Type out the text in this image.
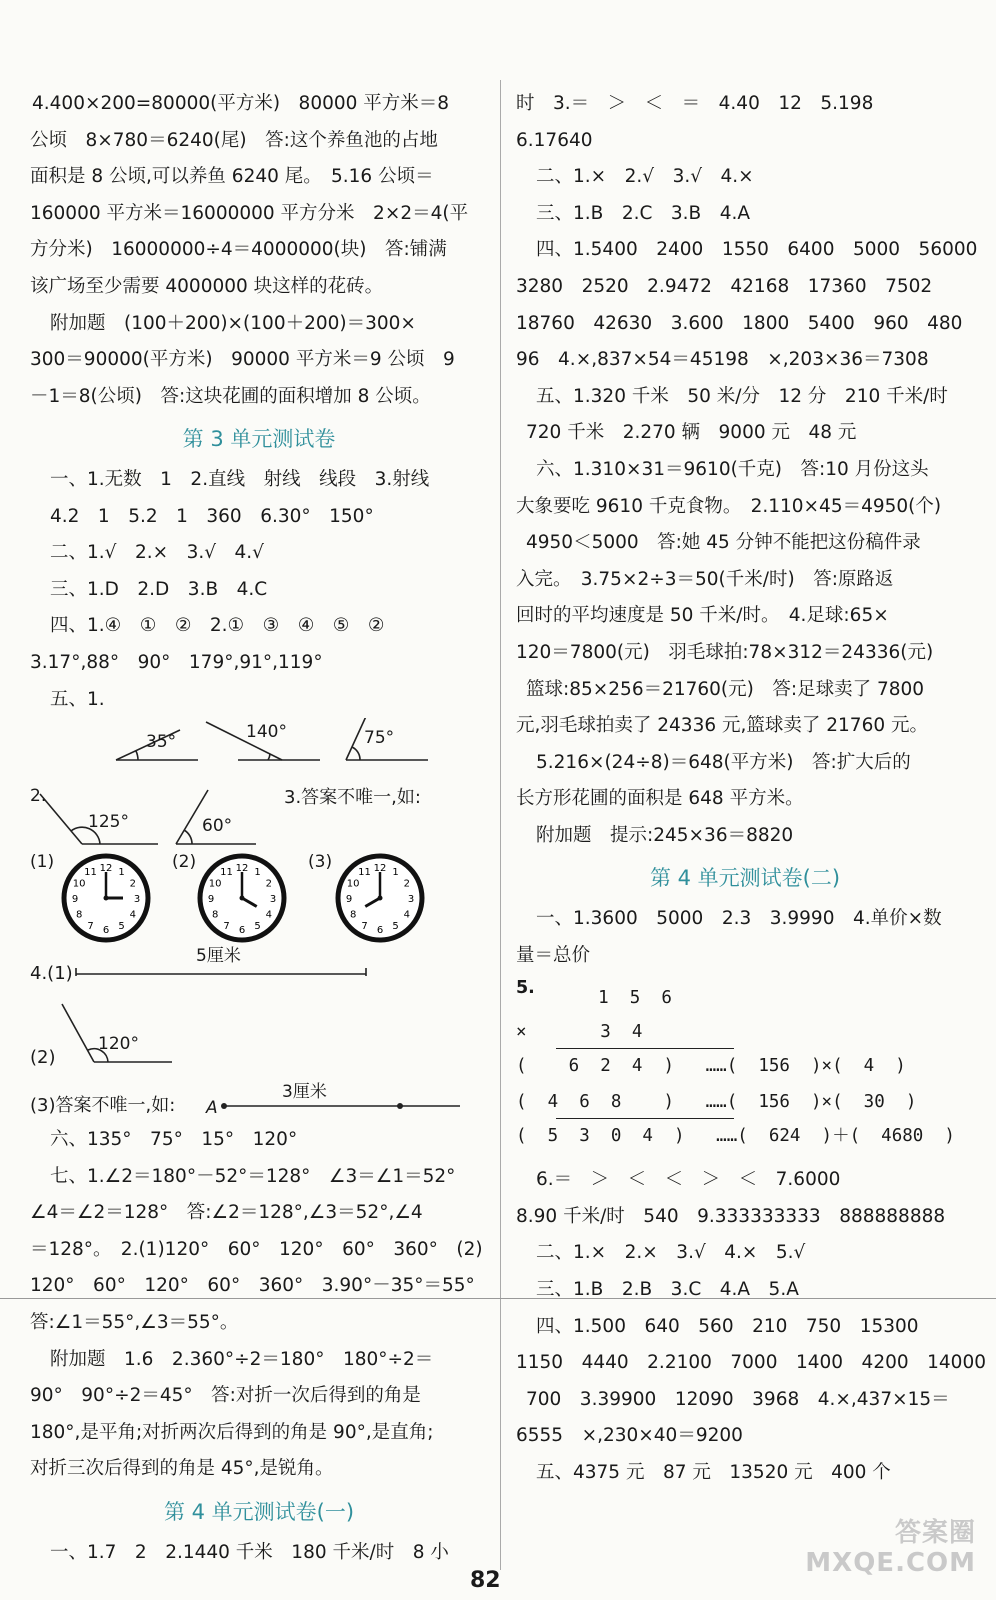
4.400×200=80000(平方米)　80000 平方米＝8

公顷　8×780＝6240(尾)　答:这个养鱼池的占地

面积是 8 公顷,可以养鱼 6240 尾。　5.16 公顷＝

160000 平方米＝16000000 平方分米　2×2＝4(平

方分米)　16000000÷4＝4000000(块)　答:铺满

该广场至少需要 4000000 块这样的花砖。

附加题　(100＋200)×(100＋200)＝300×

300＝90000(平方米)　90000 平方米＝9 公顷　9

－1＝8(公顷)　答:这块花圃的面积增加 8 公顷。

第 3 单元测试卷

一、1.无数　1　2.直线　射线　线段　3.射线

4.2　1　5.2　1　360　6.30°　150°

二、1.√　2.×　3.√　4.√

三、1.D　2.D　3.B　4.C

四、1.④　①　②　2.①　③　④　⑤　②

3.17°,88°　90°　179°,91°,119°

五、1.

35°	140°	75°
2.
125°	60°
3.答案不唯一,如:
1
2
3
4
5
6
7
8
9
10
11 12	1
2
3
4
5
6
7
8
9
10
11 12	1
2
3
4
5
6
7
8
9
10
11 12
(1)	(2)	(3)
4.(1)
5厘米
(2)
120°
(3)答案不唯一,如: A
3厘米

六、135°　75°　15°　120°

七、1.∠2＝180°－52°＝128°　∠3＝∠1＝52°

∠4＝∠2＝128°　答:∠2＝128°,∠3＝52°,∠4

＝128°。　2.(1)120°　60°　120°　60°　360°　(2)

120°　60°　120°　60°　360°　3.90°－35°＝55°

答:∠1＝55°,∠3＝55°。

附加题　1.6　2.360°÷2＝180°　180°÷2＝

90°　90°÷2＝45°　答:对折一次后得到的角是

180°,是平角;对折两次后得到的角是 90°,是直角;

对折三次后得到的角是 45°,是锐角。

第 4 单元测试卷(一)

一、1.7　2　2.1440 千米　180 千米/时　8 小

时　3.＝　＞　＜　＝　4.40　12　5.198

6.17640

二、1.×　2.√　3.√　4.×

三、1.B　2.C　3.B　4.A

四、1.5400　2400　1550　6400　5000　56000

3280　2520　2.9472　42168　17360　7502

18760　42630　3.600　1800　5400　960　480

96　4.×,837×54＝45198　×,203×36＝7308

五、1.320 千米　50 米/分　12 分　210 千米/时

720 千米　2.270 辆　9000 元　48 元

六、1.310×31＝9610(千克)　答:10 月份这头

大象要吃 9610 千克食物。　2.110×45＝4950(个)

4950＜5000　答:她 45 分钟不能把这份稿件录

入完。　3.75×2÷3＝50(千米/时)　答:原路返

回时的平均速度是 50 千米/时。　4.足球:65×

120＝7800(元)　羽毛球拍:78×312＝24336(元)

篮球:85×256＝21760(元)　答:足球卖了 7800

元,羽毛球拍卖了 24336 元,篮球卖了 21760 元。

5.216×(24÷8)＝648(平方米)　答:扩大后的

长方形花圃的面积是 648 平方米。

附加题　提示:245×36＝8820

第 4 单元测试卷(二)

一、1.3600　5000　2.3　3.9990　4.单价×数

量＝总价

5. 1  5  6
×       3  4
(    6  2  4  )   ……(  156  )×(  4  )
(  4  6  8    )   ……(  156  )×(  30  )
(  5  3  0  4  )   ……(  624  )＋(  4680  )

6.＝　＞　＜　＜　＞　＜　7.6000

8.90 千米/时　540　9.333333333　888888888

二、1.×　2.×　3.√　4.×　5.√

三、1.B　2.B　3.C　4.A　5.A

四、1.500　640　560　210　750　15300

1150　4440　2.2100　7000　1400　4200　14000

700　3.39900　12090　3968　4.×,437×15＝

6555　×,230×40＝9200

五、4375 元　87 元　13520 元　400 个

82
答案圈
MXQE.COM
